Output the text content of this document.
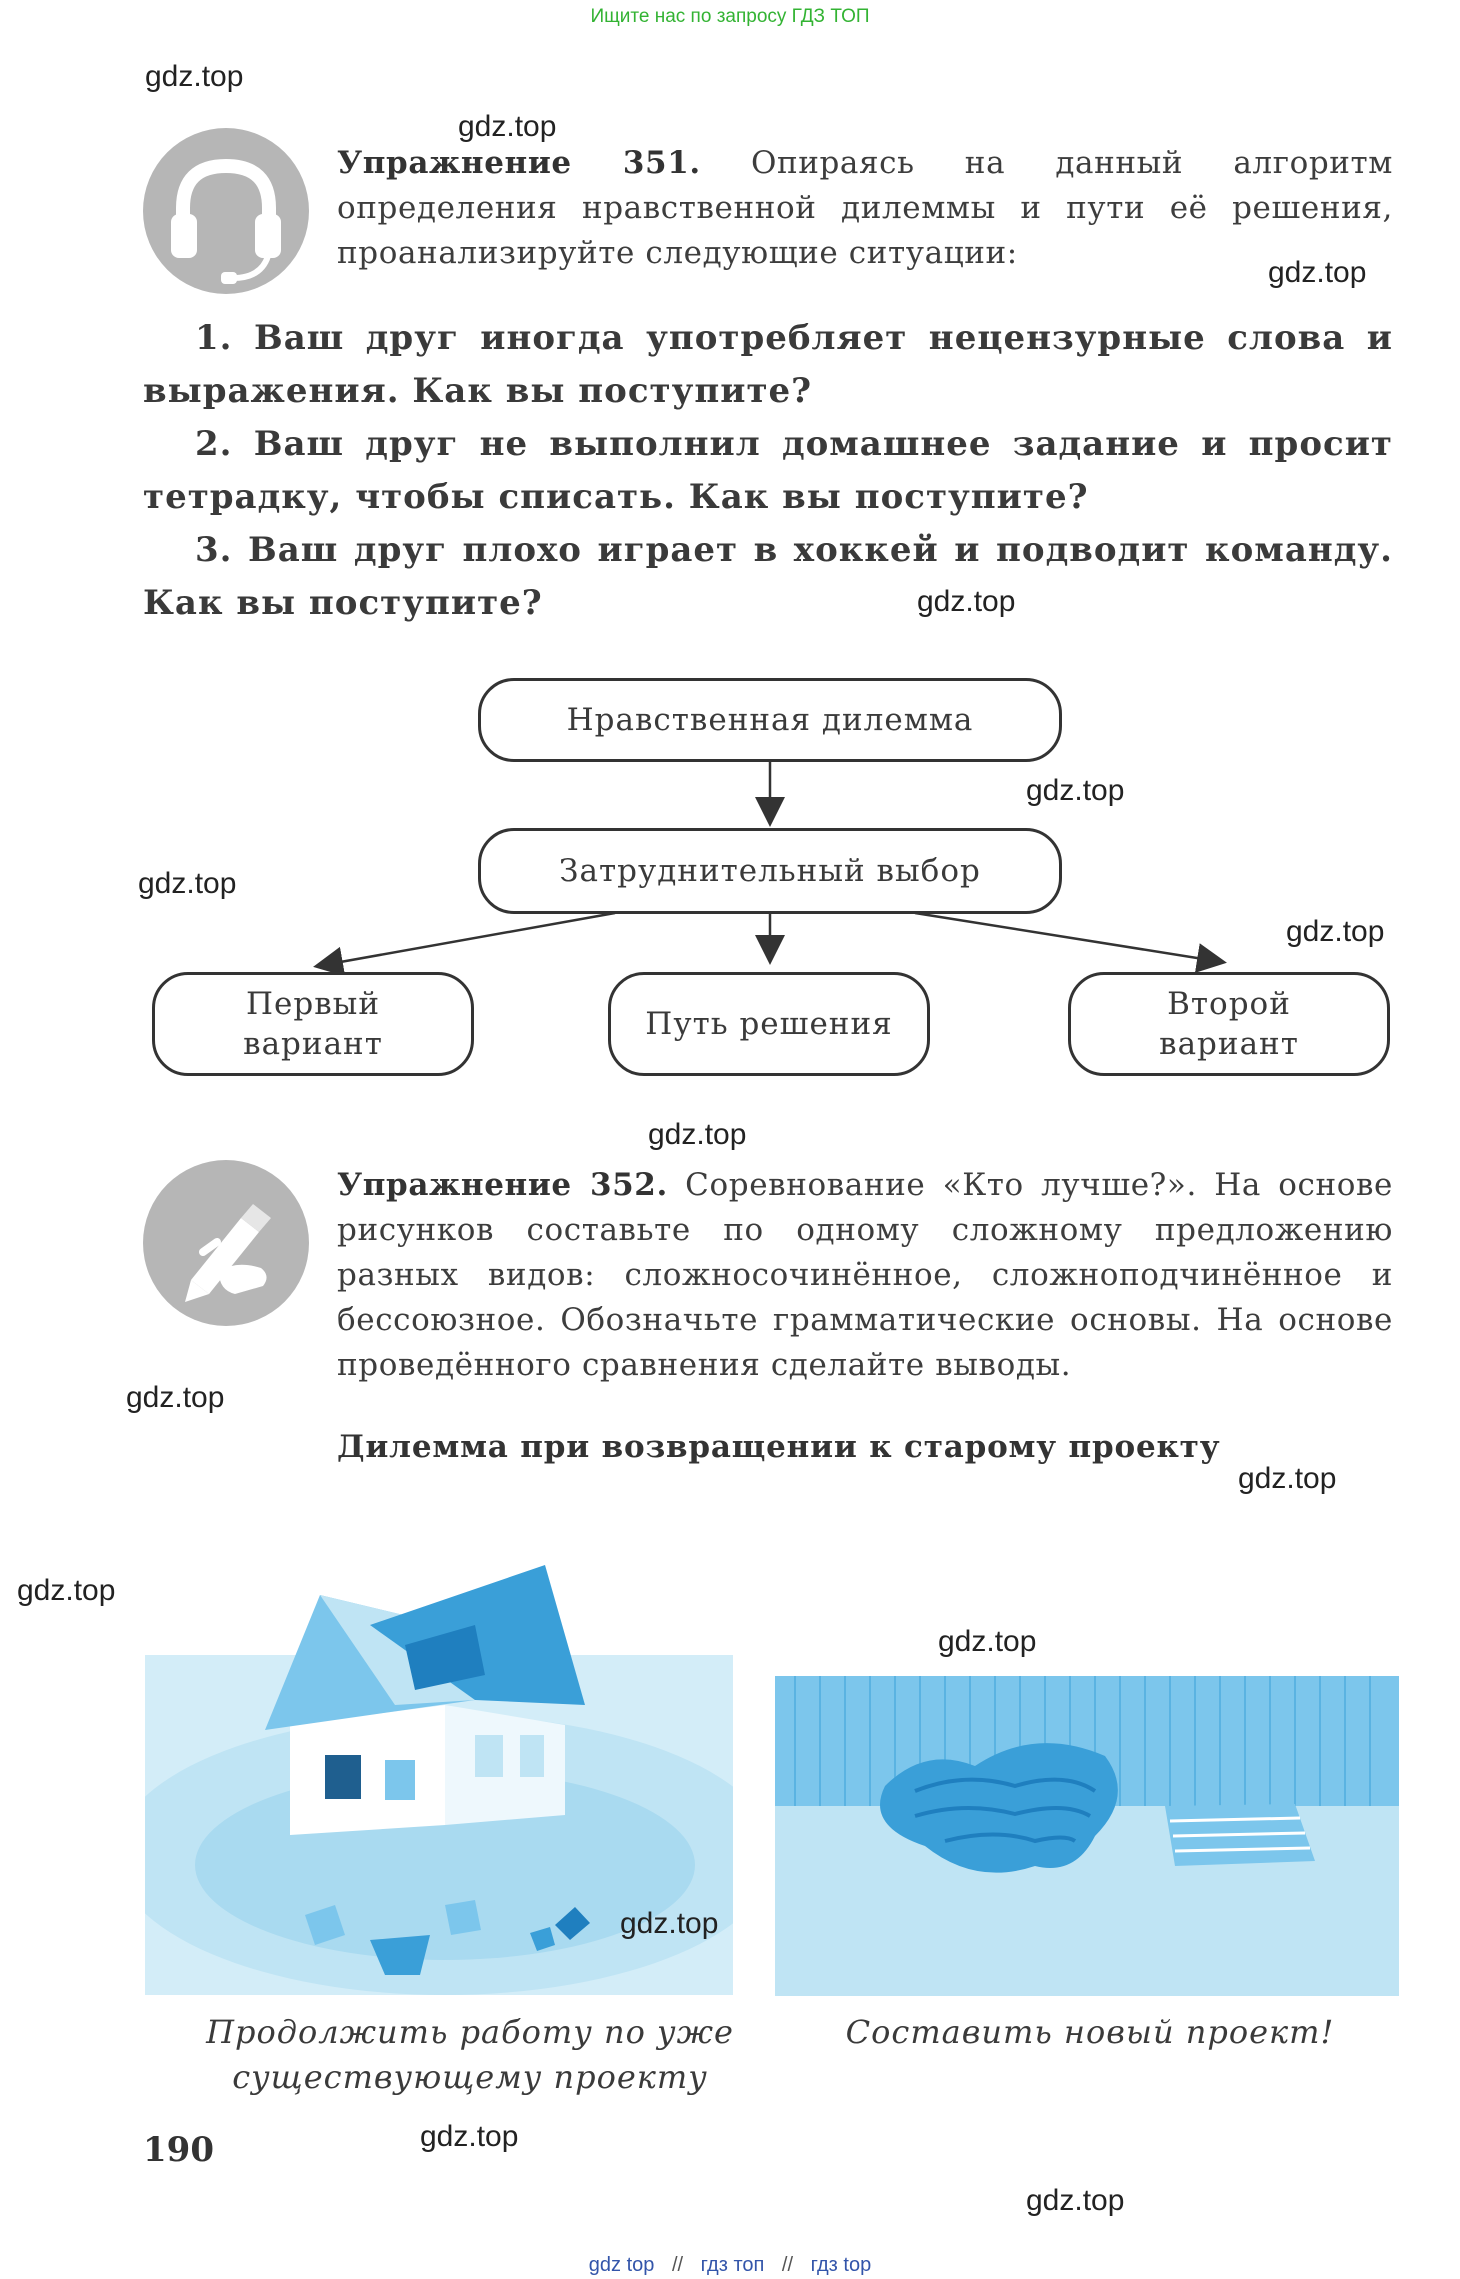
Ищите нас по запросу ГДЗ ТОП
Упражнение 351. Опираясь на данный алгоритм определения нравственной дилеммы и пути её решения, проанализируйте следующие ситуации:
1. Ваш друг иногда употребляет нецензурные слова и выражения. Как вы поступите?
2. Ваш друг не выполнил домашнее задание и просит тетрадку, чтобы списать. Как вы поступите?
3. Ваш друг плохо играет в хоккей и подводит команду. Как вы поступите?
Нравственная дилемма
Затруднительный выбор
Первый вариант
Путь решения
Второй вариант
Упражнение 352. Соревнование «Кто лучше?». На основе рисунков составьте по одному сложному предложению разных видов: сложносочинённое, сложноподчинённое и бессоюзное. Обозначьте грамматические основы. На основе проведённого сравнения сделайте выводы.
Дилемма при возвращении к старому проекту
Продолжить работу по уже существующему проекту
Составить новый проект!
190
gdz.top
gdz.top
gdz.top
gdz.top
gdz.top
gdz.top
gdz.top
gdz.top
gdz.top
gdz.top
gdz.top
gdz.top
gdz.top
gdz.top
gdz.top
gdz top // гдз топ // гдз top
